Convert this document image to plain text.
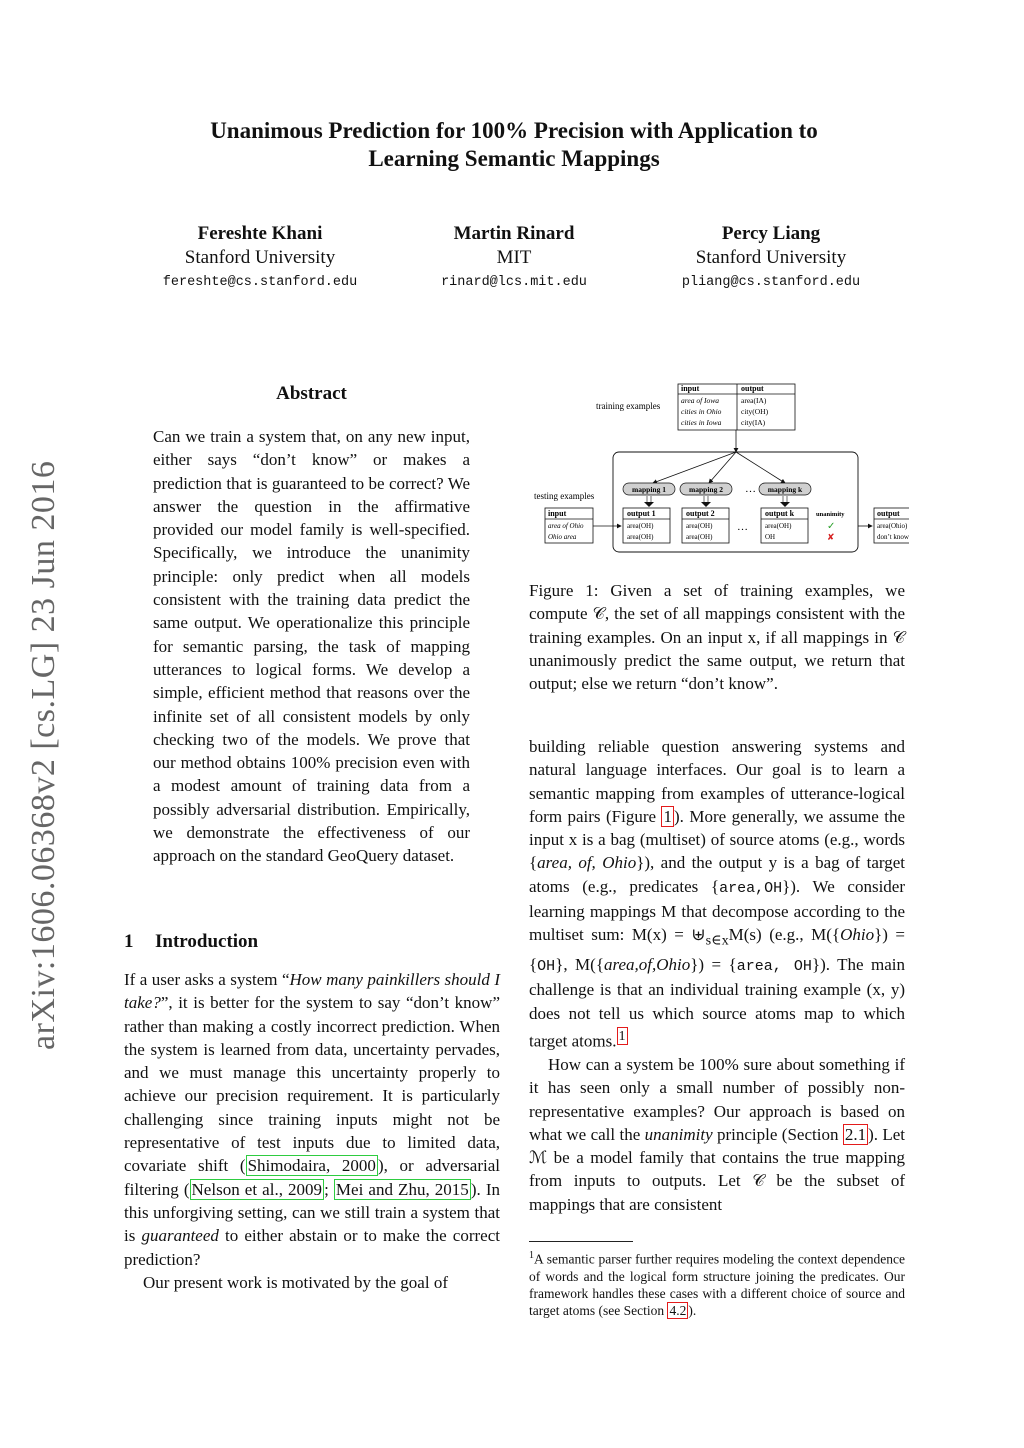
Unanimous Prediction for 100% Precision with Application to
Learning Semantic Mappings
Fereshte Khani
Stanford University
fereshte@cs.stanford.edu
Martin Rinard
MIT
rinard@lcs.mit.edu
Percy Liang
Stanford University
pliang@cs.stanford.edu
arXiv:1606.06368v2 [cs.LG] 23 Jun 2016
Abstract
Can we train a system that, on any new input, either says “don’t know” or makes a prediction that is guaranteed to be correct? We answer the question in the affirmative provided our model family is well-specified. Specifically, we introduce the unanimity principle: only predict when all models consistent with the training data predict the same output. We operationalize this principle for semantic parsing, the task of mapping utterances to logical forms. We develop a simple, efficient method that reasons over the infinite set of all consistent models by only checking two of the models. We prove that our method obtains 100% precision even with a modest amount of training data from a possibly adversarial distribution. Empirically, we demonstrate the effectiveness of our approach on the standard GeoQuery dataset.
1 Introduction

If a user asks a system “How many painkillers should I take?”, it is better for the system to say “don’t know” rather than making a costly incorrect prediction. When the system is learned from data, uncertainty pervades, and we must manage this uncertainty properly to achieve our precision requirement. It is particularly challenging since training inputs might not be representative of test inputs due to limited data, covariate shift ( Shimodaira, 2000 ), or adversarial filtering ( Nelson et al., 2009 ; Mei and Zhu, 2015 ). In this unforgiving setting, can we still train a system that is guaranteed to either abstain or to make the correct prediction?

Our present work is motivated by the goal of

training examples
input	output
area of Iowa
cities in Ohio
cities in Iowa
area(IA)
city(OH)
city(IA)
mapping 1	mapping 2 … mapping k
testing examples
input
area of Ohio
Ohio area
output 1
area(OH)
area(OH)
output 2
area(OH)
area(OH)
…
output k
area(OH)
OH
unanimity
✓
✘
output
area(Ohio)
don’t know
Figure 1: Given a set of training examples, we compute 𝒞, the set of all mappings consistent with the training examples. On an input x, if all mappings in 𝒞 unanimously predict the same output, we return that output; else we return “don’t know”.

building reliable question answering systems and natural language interfaces. Our goal is to learn a semantic mapping from examples of utterance-logical form pairs (Figure 1 ). More generally, we assume the input x is a bag (multiset) of source atoms (e.g., words {area, of, Ohio}), and the output y is a bag of target atoms (e.g., predicates {area,OH}). We consider learning mappings M that decompose according to the multiset sum: $M(x) = ⊎_{s\in x}M(s)$ (e.g., M({Ohio}) = {OH}, M({area,of,Ohio}) = {area, OH}). The main challenge is that an individual training example (x, y) does not tell us which source atoms map to which target atoms. $^1$

How can a system be 100% sure about something if it has seen only a small number of possibly non-representative examples? Our approach is based on what we call the unanimity principle (Section 2.1 ). Let ℳ be a model family that contains the true mapping from inputs to outputs. Let 𝒞 be the subset of mappings that are consistent

$^1$A semantic parser further requires modeling the context dependence of words and the logical form structure joining the predicates. Our framework handles these cases with a different choice of source and target atoms (see Section 4.2 ).
